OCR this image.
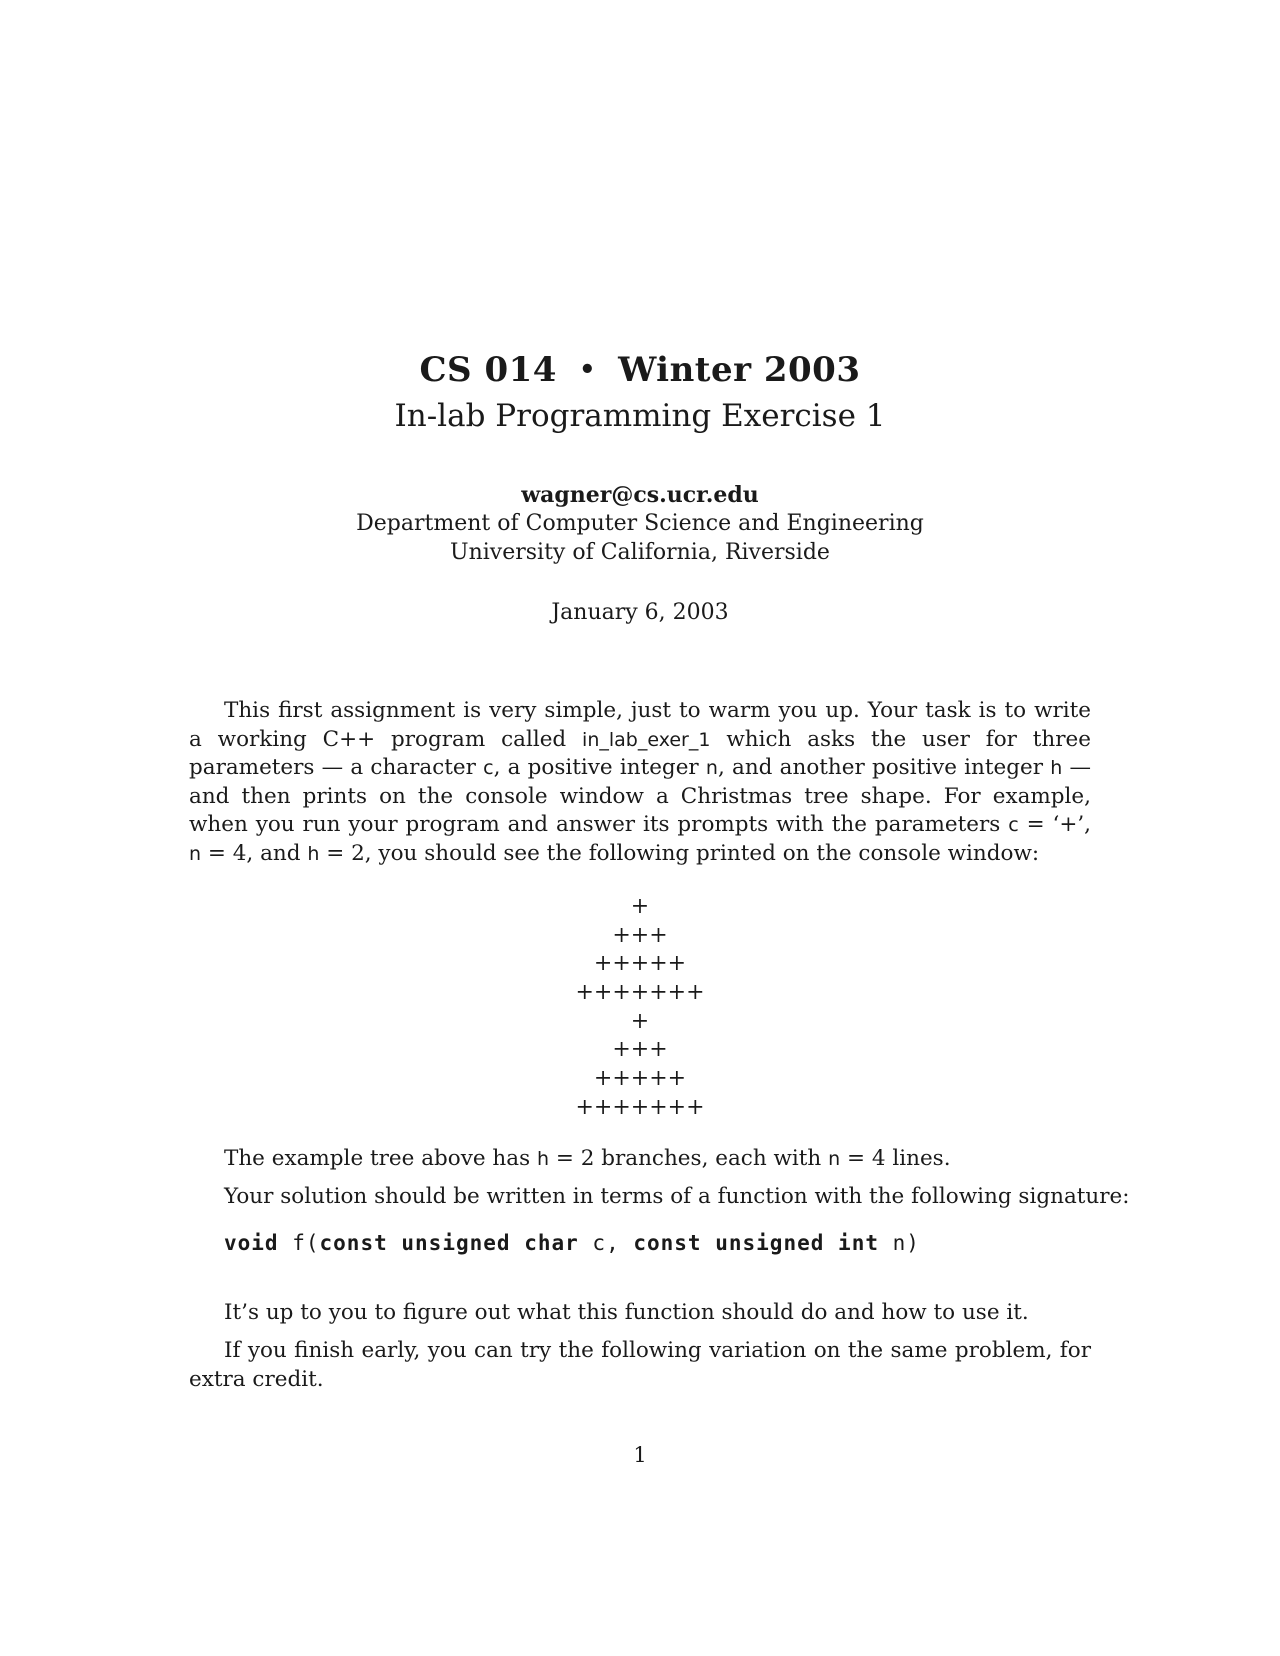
CS 014 • Winter 2003
In-lab Programming Exercise 1
wagner@cs.ucr.edu
Department of Computer Science and Engineering
University of California, Riverside
January 6, 2003
This first assignment is very simple, just to warm you up. Your task is to write a working C++ program called in_lab_exer_1 which asks the user for three parameters — a character c, a positive integer n, and another positive integer h — and then prints on the console window a Christmas tree shape. For example, when you run your program and answer its prompts with the parameters c = ‘+’, n = 4, and h = 2, you should see the following printed on the console window:
+
+++
+++++
+++++++
+
+++
+++++
+++++++
The example tree above has h = 2 branches, each with n = 4 lines.
Your solution should be written in terms of a function with the following signature:
void f(const unsigned char c, const unsigned int n)
It’s up to you to figure out what this function should do and how to use it.
If you finish early, you can try the following variation on the same problem, for extra credit.
1
